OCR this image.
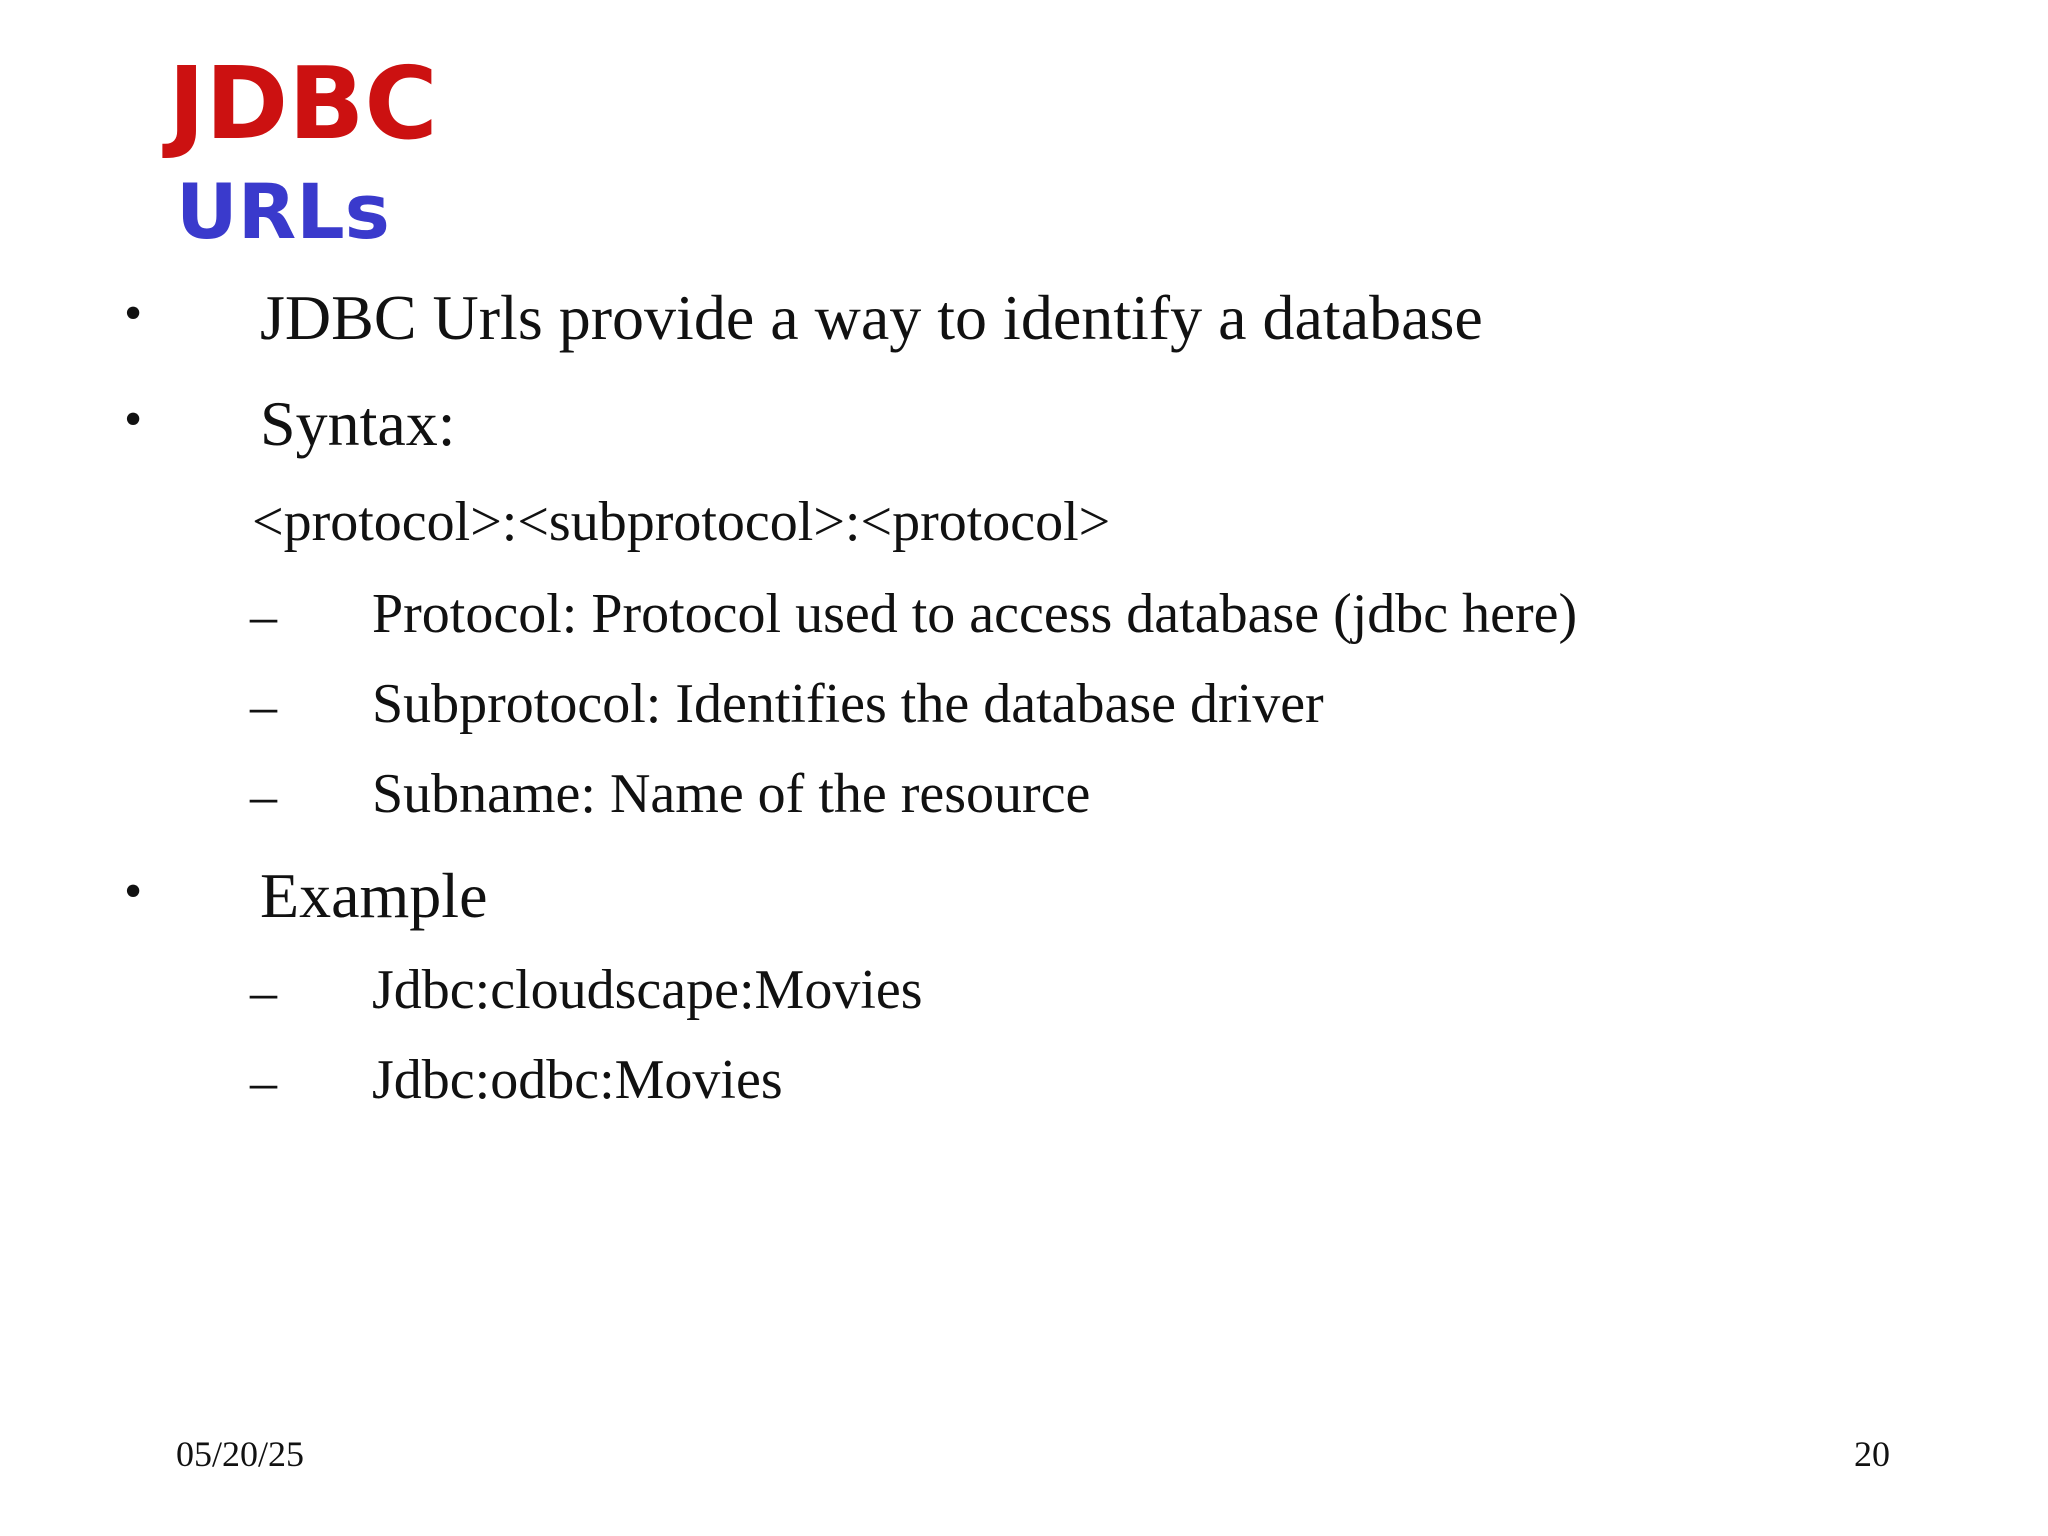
JDBC
URLs
• JDBC Urls provide a way to identify a database
• Syntax:
<protocol>:<subprotocol>:<protocol>
– Protocol: Protocol used to access database (jdbc here)
– Subprotocol: Identifies the database driver
– Subname: Name of the resource
• Example
– Jdbc:cloudscape:Movies
– Jdbc:odbc:Movies
05/20/25	20
